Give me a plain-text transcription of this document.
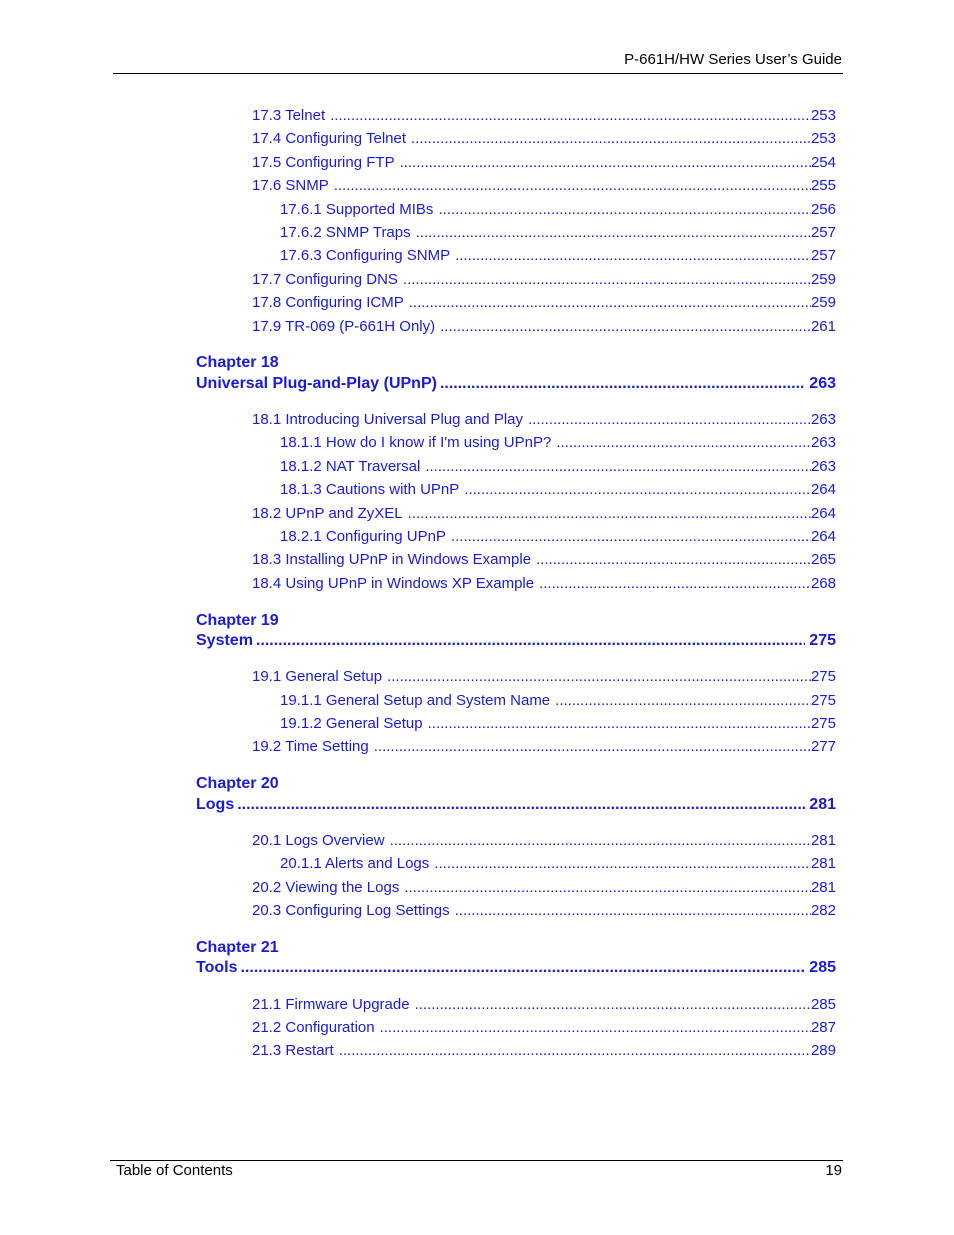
P-661H/HW Series User’s Guide
17.3 Telnet .....	253
17.4 Configuring Telnet .....	253
17.5 Configuring FTP .....	254
17.6 SNMP .....	255
17.6.1 Supported MIBs .....	256
17.6.2 SNMP Traps .....	257
17.6.3 Configuring SNMP .....	257
17.7 Configuring DNS .....	259
17.8 Configuring ICMP .....	259
17.9 TR-069 (P-661H Only) .....	261
Chapter 18
Universal Plug-and-Play (UPnP) .....	263
18.1 Introducing Universal Plug and Play .....	263
18.1.1 How do I know if I'm using UPnP? .....	263
18.1.2 NAT Traversal .....	263
18.1.3 Cautions with UPnP .....	264
18.2 UPnP and ZyXEL .....	264
18.2.1 Configuring UPnP .....	264
18.3 Installing UPnP in Windows Example .....	265
18.4 Using UPnP in Windows XP Example .....	268
Chapter 19
System .....	275
19.1 General Setup .....	275
19.1.1 General Setup and System Name .....	275
19.1.2 General Setup .....	275
19.2 Time Setting .....	277
Chapter 20
Logs .....	281
20.1 Logs Overview .....	281
20.1.1 Alerts and Logs .....	281
20.2 Viewing the Logs .....	281
20.3 Configuring Log Settings .....	282
Chapter 21
Tools .....	285
21.1 Firmware Upgrade .....	285
21.2 Configuration .....	287
21.3 Restart .....	289
Table of Contents	19
